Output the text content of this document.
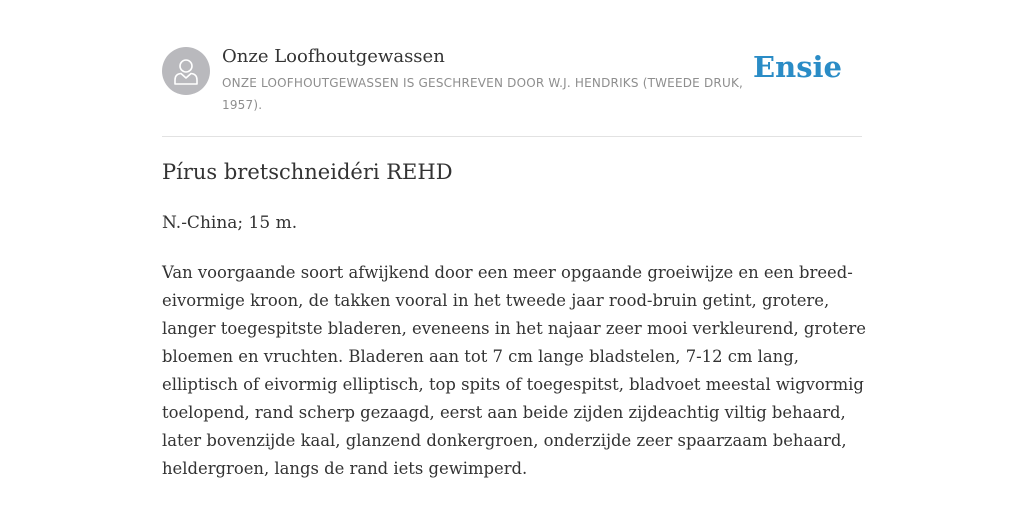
Onze Loofhoutgewassen
ONZE LOOFHOUTGEWASSEN IS GESCHREVEN DOOR W.J. HENDRIKS (TWEEDE DRUK, 1957).
Ensie
Pírus bretschneidéri REHD

N.-China; 15 m.

Van voorgaande soort afwijkend door een meer opgaande groeiwijze en een breed-eivormige kroon, de takken vooral in het tweede jaar rood-bruin getint, grotere, langer toegespitste bladeren, eveneens in het najaar zeer mooi verkleurend, grotere bloemen en vruchten. Bladeren aan tot 7 cm lange bladstelen, 7-12 cm lang, elliptisch of eivormig elliptisch, top spits of toegespitst, bladvoet meestal wigvormig toelopend, rand scherp gezaagd, eerst aan beide zijden zijdeachtig viltig behaard, later bovenzijde kaal, glanzend donkergroen, onderzijde zeer spaarzaam behaard, heldergroen, langs de rand iets gewimperd.
